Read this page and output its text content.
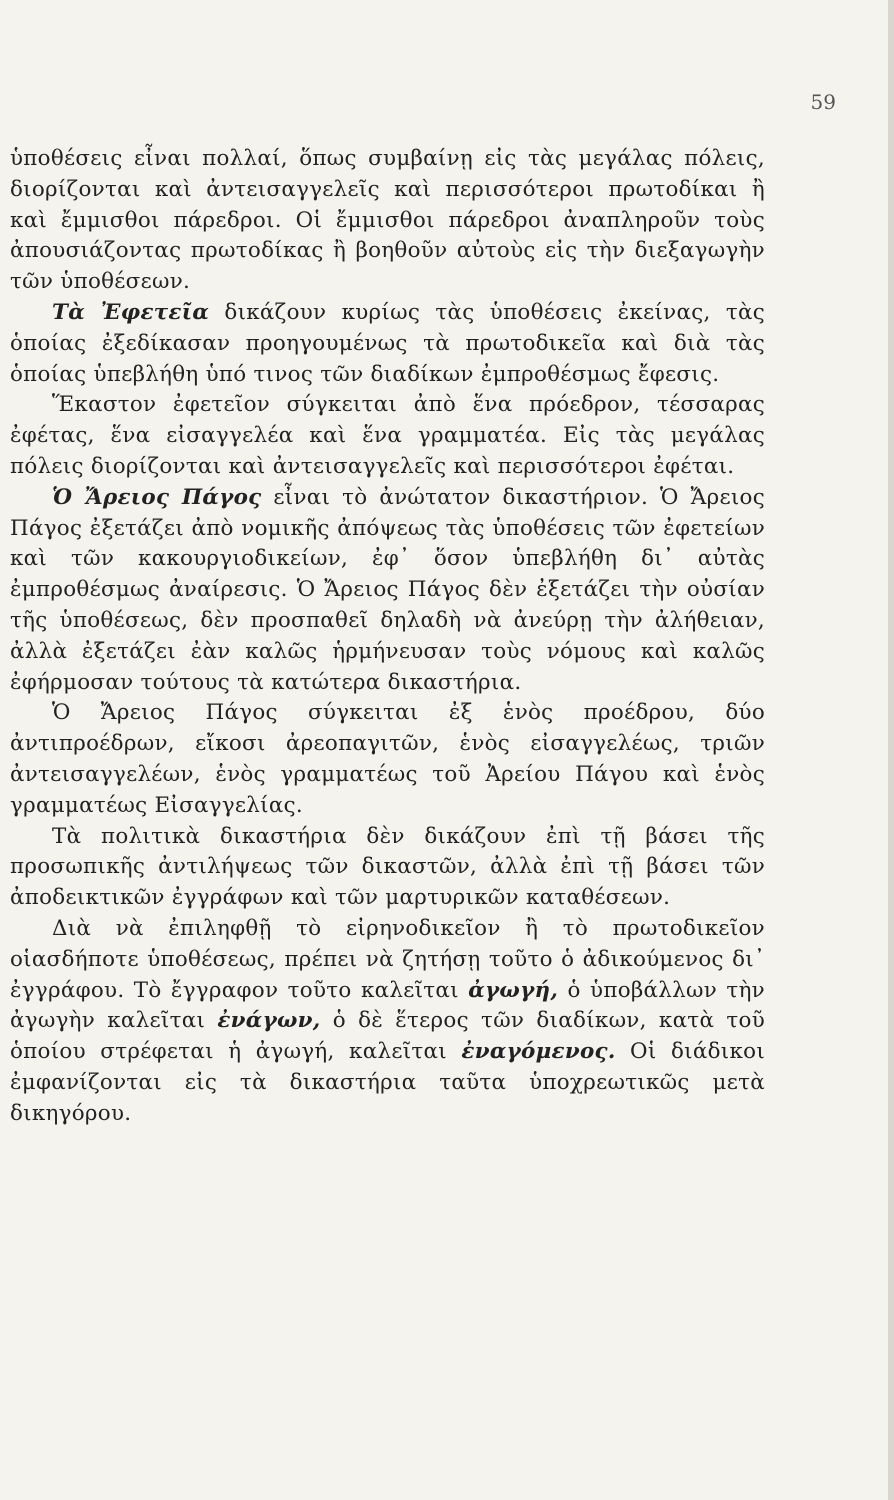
59

ὑποθέσεις εἶναι πολλαί, ὅπως συμβαίνῃ εἰς τὰς μεγάλας πόλεις, διορίζονται καὶ ἀντεισαγγελεῖς καὶ περισσότεροι πρωτοδίκαι ἢ καὶ ἔμμισθοι πάρεδροι. Οἱ ἔμμισθοι πάρεδροι ἀναπληροῦν τοὺς ἀπουσιάζοντας πρωτοδίκας ἢ βοηθοῦν αὐτοὺς εἰς τὴν διεξαγωγὴν τῶν ὑποθέσεων.

Τὰ Ἐφετεῖα δικάζουν κυρίως τὰς ὑποθέσεις ἐκείνας, τὰς ὁποίας ἐξεδίκασαν προηγουμένως τὰ πρωτοδικεῖα καὶ διὰ τὰς ὁποίας ὑπεβλήθη ὑπό τινος τῶν διαδίκων ἐμπροθέσμως ἔφεσις.

Ἕκαστον ἐφετεῖον σύγκειται ἀπὸ ἕνα πρόεδρον, τέσσαρας ἐφέτας, ἕνα εἰσαγγελέα καὶ ἕνα γραμματέα. Εἰς τὰς μεγάλας πόλεις διορίζονται καὶ ἀντεισαγγελεῖς καὶ περισσότεροι ἐφέται.

Ὁ Ἄρειος Πάγος εἶναι τὸ ἀνώτατον δικαστήριον. Ὁ Ἄρειος Πάγος ἐξετάζει ἀπὸ νομικῆς ἀπόψεως τὰς ὑποθέσεις τῶν ἐφετείων καὶ τῶν κακουργιοδικείων, ἐφ᾽ ὅσον ὑπεβλήθη δι᾽ αὐτὰς ἐμπροθέσμως ἀναίρεσις. Ὁ Ἄρειος Πάγος δὲν ἐξετάζει τὴν οὐσίαν τῆς ὑποθέσεως, δὲν προσπαθεῖ δηλαδὴ νὰ ἀνεύρῃ τὴν ἀλήθειαν, ἀλλὰ ἐξετάζει ἐὰν καλῶς ἡρμήνευσαν τοὺς νόμους καὶ καλῶς ἐφήρμοσαν τούτους τὰ κατώτερα δικαστήρια.

Ὁ Ἄρειος Πάγος σύγκειται ἐξ ἑνὸς προέδρου, δύο ἀντιπροέδρων, εἴκοσι ἀρεοπαγιτῶν, ἑνὸς εἰσαγγελέως, τριῶν ἀντεισαγγελέων, ἑνὸς γραμματέως τοῦ Ἀρείου Πάγου καὶ ἑνὸς γραμματέως Εἰσαγγελίας.

Τὰ πολιτικὰ δικαστήρια δὲν δικάζουν ἐπὶ τῇ βάσει τῆς προσωπικῆς ἀντιλήψεως τῶν δικαστῶν, ἀλλὰ ἐπὶ τῇ βάσει τῶν ἀποδεικτικῶν ἐγγράφων καὶ τῶν μαρτυρικῶν καταθέσεων.

Διὰ νὰ ἐπιληφθῇ τὸ εἰρηνοδικεῖον ἢ τὸ πρωτοδικεῖον οἱασδήποτε ὑποθέσεως, πρέπει νὰ ζητήσῃ τοῦτο ὁ ἀδικούμενος δι᾽ ἐγγράφου. Τὸ ἔγγραφον τοῦτο καλεῖται ἀγωγή, ὁ ὑποβάλλων τὴν ἀγωγὴν καλεῖται ἐνάγων, ὁ δὲ ἕτερος τῶν διαδίκων, κατὰ τοῦ ὁποίου στρέφεται ἡ ἀγωγή, καλεῖται ἐναγόμενος. Οἱ διάδικοι ἐμφανίζονται εἰς τὰ δικαστήρια ταῦτα ὑποχρεωτικῶς μετὰ δικηγόρου.
